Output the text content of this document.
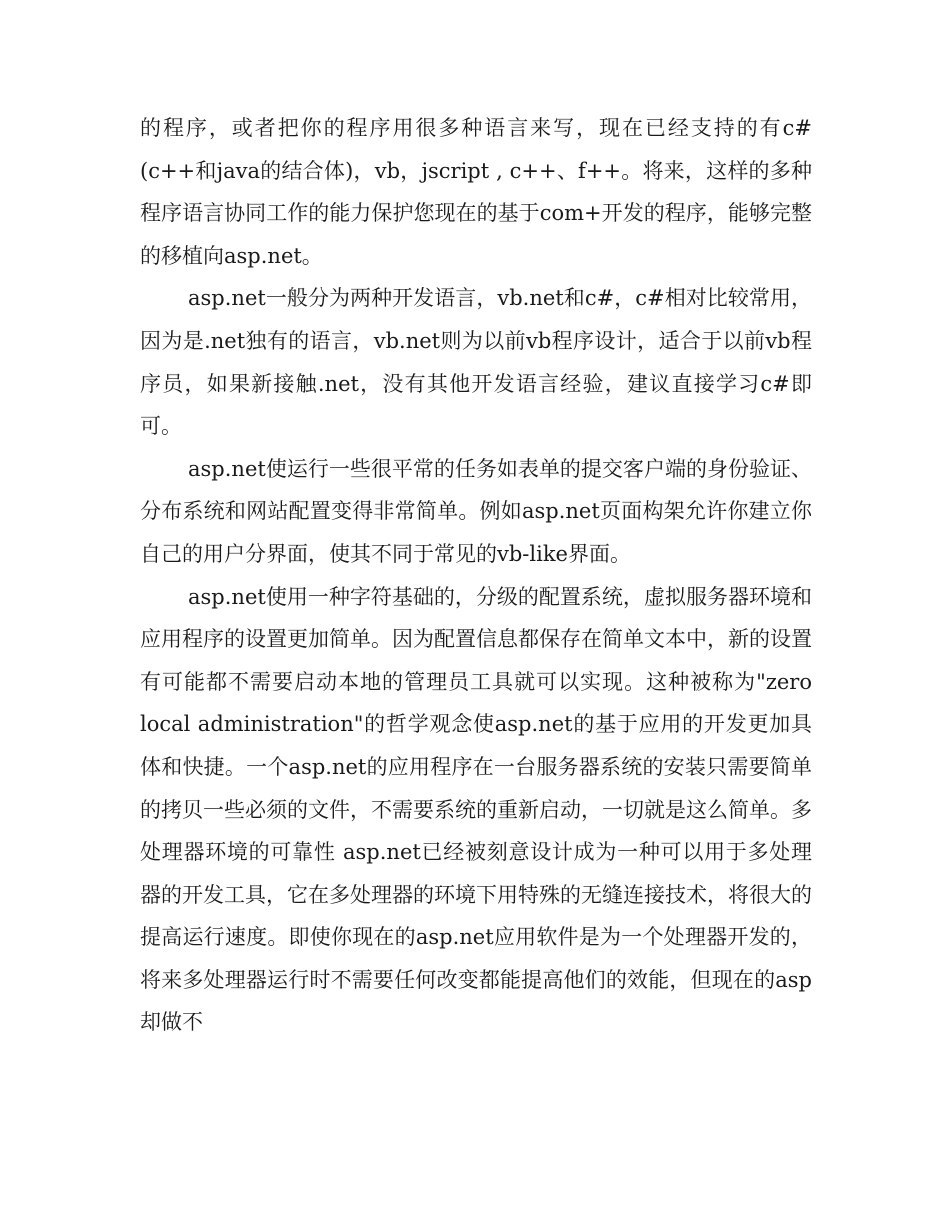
的程序，或者把你的程序用很多种语言来写，现在已经支持的有c#(c++和java的结合体)，vb，jscript , c++、f++。将来，这样的多种程序语言协同工作的能力保护您现在的基于com+开发的程序，能够完整的移植向asp.net。

asp.net一般分为两种开发语言，vb.net和c#，c#相对比较常用，因为是.net独有的语言，vb.net则为以前vb程序设计，适合于以前vb程序员，如果新接触.net，没有其他开发语言经验，建议直接学习c#即可。

asp.net使运行一些很平常的任务如表单的提交客户端的身份验证、分布系统和网站配置变得非常简单。例如asp.net页面构架允许你建立你自己的用户分界面，使其不同于常见的vb-like界面。

asp.net使用一种字符基础的，分级的配置系统，虚拟服务器环境和应用程序的设置更加简单。因为配置信息都保存在简单文本中，新的设置有可能都不需要启动本地的管理员工具就可以实现。这种被称为"zero local administration"的哲学观念使asp.net的基于应用的开发更加具体和快捷。一个asp.net的应用程序在一台服务器系统的安装只需要简单的拷贝一些必须的文件，不需要系统的重新启动，一切就是这么简单。多处理器环境的可靠性 asp.net已经被刻意设计成为一种可以用于多处理器的开发工具，它在多处理器的环境下用特殊的无缝连接技术，将很大的提高运行速度。即使你现在的asp.net应用软件是为一个处理器开发的，将来多处理器运行时不需要任何改变都能提高他们的效能，但现在的asp却做不
